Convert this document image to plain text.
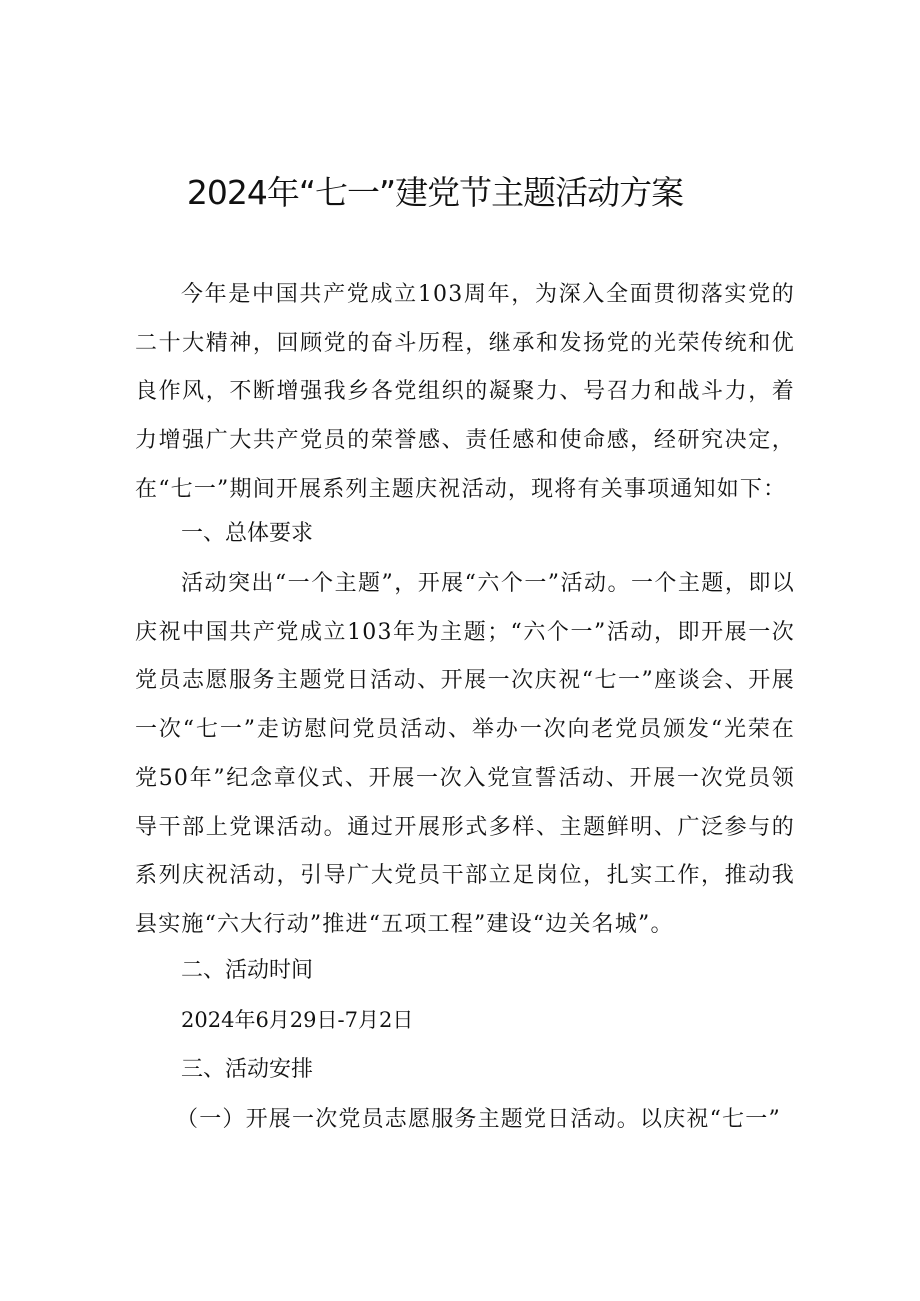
2024年“七一”建党节主题活动方案

今年是中国共产党成立103周年，为深入全面贯彻落实党的二十大精神，回顾党的奋斗历程，继承和发扬党的光荣传统和优良作风，不断增强我乡各党组织的凝聚力、号召力和战斗力，着力增强广大共产党员的荣誉感、责任感和使命感，经研究决定，在“七一”期间开展系列主题庆祝活动，现将有关事项通知如下：

一、总体要求

活动突出“一个主题”，开展“六个一”活动。一个主题，即以庆祝中国共产党成立103年为主题；“六个一”活动，即开展一次党员志愿服务主题党日活动、开展一次庆祝“七一”座谈会、开展一次“七一”走访慰问党员活动、举办一次向老党员颁发“光荣在党50年”纪念章仪式、开展一次入党宣誓活动、开展一次党员领导干部上党课活动。通过开展形式多样、主题鲜明、广泛参与的系列庆祝活动，引导广大党员干部立足岗位，扎实工作，推动我县实施“六大行动”推进“五项工程”建设“边关名城”。

二、活动时间

2024年6月29日-7月2日

三、活动安排

（一）开展一次党员志愿服务主题党日活动。以庆祝“七一”
